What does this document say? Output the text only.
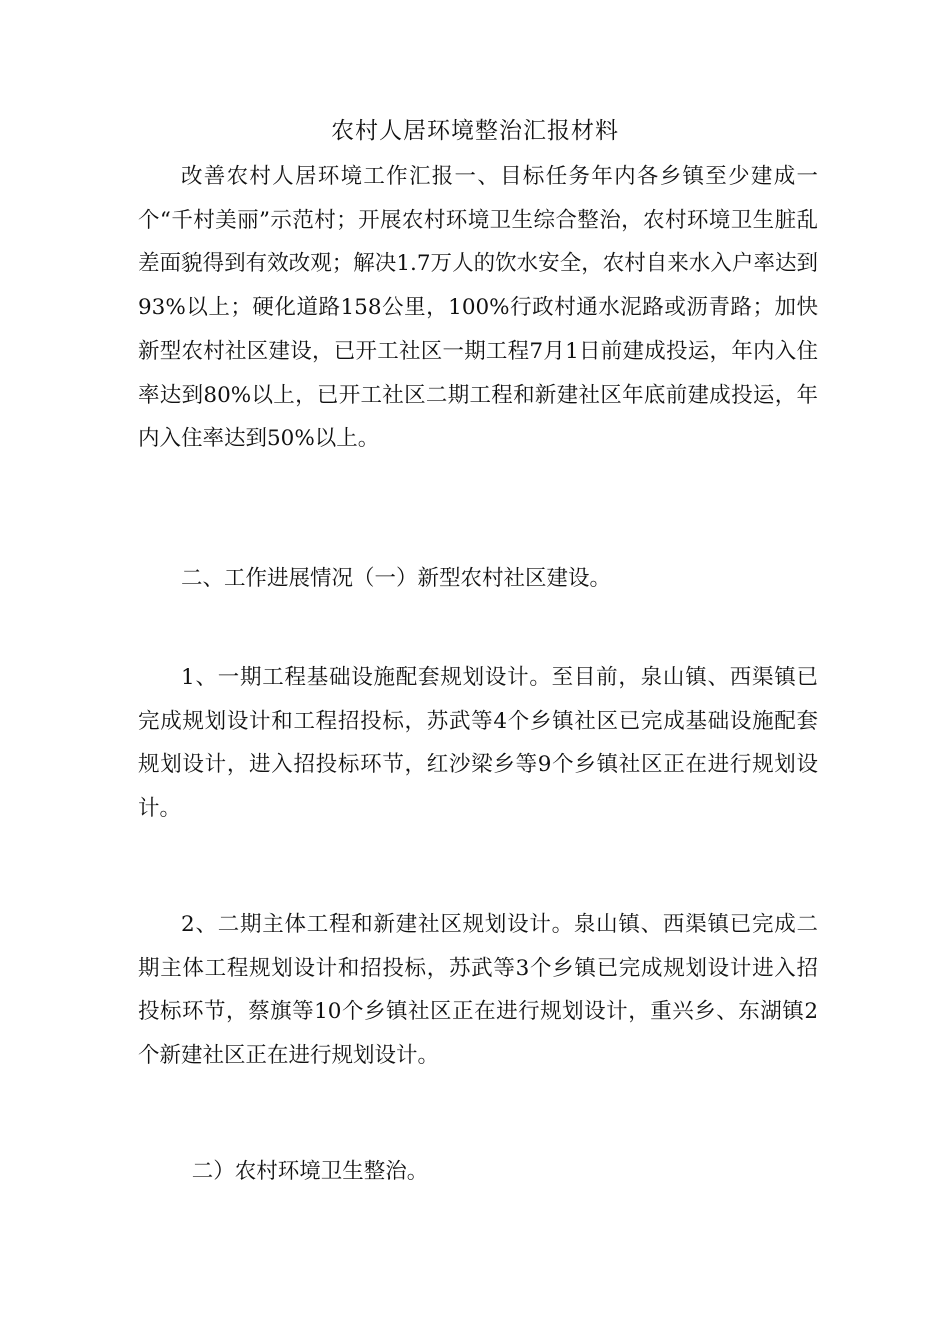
农村人居环境整治汇报材料

改善农村人居环境工作汇报一、目标任务年内各乡镇至少建成一个“千村美丽”示范村；开展农村环境卫生综合整治，农村环境卫生脏乱差面貌得到有效改观；解决1.7万人的饮水安全，农村自来水入户率达到93%以上；硬化道路158公里，100%行政村通水泥路或沥青路；加快新型农村社区建设，已开工社区一期工程7月1日前建成投运，年内入住率达到80%以上，已开工社区二期工程和新建社区年底前建成投运，年内入住率达到50%以上。

二、工作进展情况（一）新型农村社区建设。

1、一期工程基础设施配套规划设计。至目前，泉山镇、西渠镇已完成规划设计和工程招投标，苏武等4个乡镇社区已完成基础设施配套规划设计，进入招投标环节，红沙梁乡等9个乡镇社区正在进行规划设计。

2、二期主体工程和新建社区规划设计。泉山镇、西渠镇已完成二期主体工程规划设计和招投标，苏武等3个乡镇已完成规划设计进入招投标环节，蔡旗等10个乡镇社区正在进行规划设计，重兴乡、东湖镇2个新建社区正在进行规划设计。

二）农村环境卫生整治。
